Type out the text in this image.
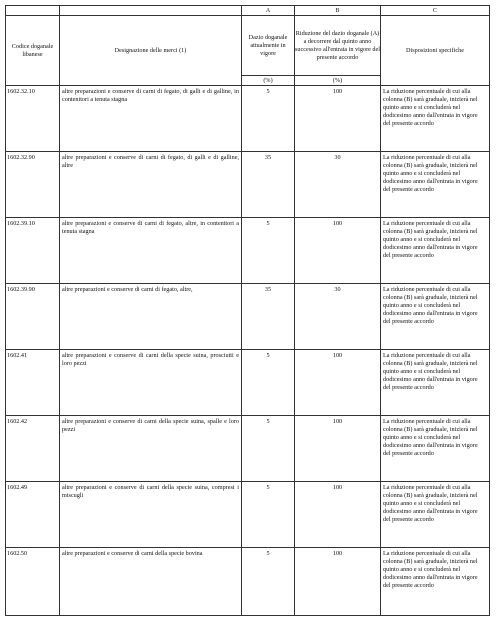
		A	B	C
Codice doganale libanese	Designazione delle merci (1)	Dazio doganale attualmente in vigore	Riduzione del dazio doganale (A) a decorrere dal quinto anno successivo all'entrata in vigore del presente accordo	Disposizioni specifiche
		(%)	(%)	
1602.32.10	altre preparazioni e conserve di carni di fegato, di galli e di galline, in contenitori a tenuta stagna	5	100	La riduzione percentuale di cui alla colonna (B) sarà graduale, inizierà nel quinto anno e si concluderà nel dodicesimo anno dall'entrata in vigore del presente accordo
1602.32.90	altre preparazioni e conserve di carni di fegato, di galli e di galline, altre	35	30	La riduzione percentuale di cui alla colonna (B) sarà graduale, inizierà nel quinto anno e si concluderà nel dodicesimo anno dall'entrata in vigore del presente accordo
1602.39.10	altre preparazioni e conserve di carni di fegato, altre, in contenitori a tenuta stagna	5	100	La riduzione percentuale di cui alla colonna (B) sarà graduale, inizierà nel quinto anno e si concluderà nel dodicesimo anno dall'entrata in vigore del presente accordo
1602.39.90	altre preparazioni e conserve di carni di fegato, altre,	35	30	La riduzione percentuale di cui alla colonna (B) sarà graduale, inizierà nel quinto anno e si concluderà nel dodicesimo anno dall'entrata in vigore del presente accordo
1602.41	altre preparazioni e conserve di carni della specie suina, prosciutti e loro pezzi	5	100	La riduzione percentuale di cui alla colonna (B) sarà graduale, inizierà nel quinto anno e si concluderà nel dodicesimo anno dall'entrata in vigore del presente accordo
1602.42	altre preparazioni e conserve di carni della specie suina, spalle e loro pezzi	5	100	La riduzione percentuale di cui alla colonna (B) sarà graduale, inizierà nel quinto anno e si concluderà nel dodicesimo anno dall'entrata in vigore del presente accordo
1602.49	altre preparazioni e conserve di carni della specie suina, compresi i miscugli	5	100	La riduzione percentuale di cui alla colonna (B) sarà graduale, inizierà nel quinto anno e si concluderà nel dodicesimo anno dall'entrata in vigore del presente accordo
1602.50	altre preparazioni e conserve di carni della specie bovina	5	100	La riduzione percentuale di cui alla colonna (B) sarà graduale, inizierà nel quinto anno e si concluderà nel dodicesimo anno dall'entrata in vigore del presente accordo
